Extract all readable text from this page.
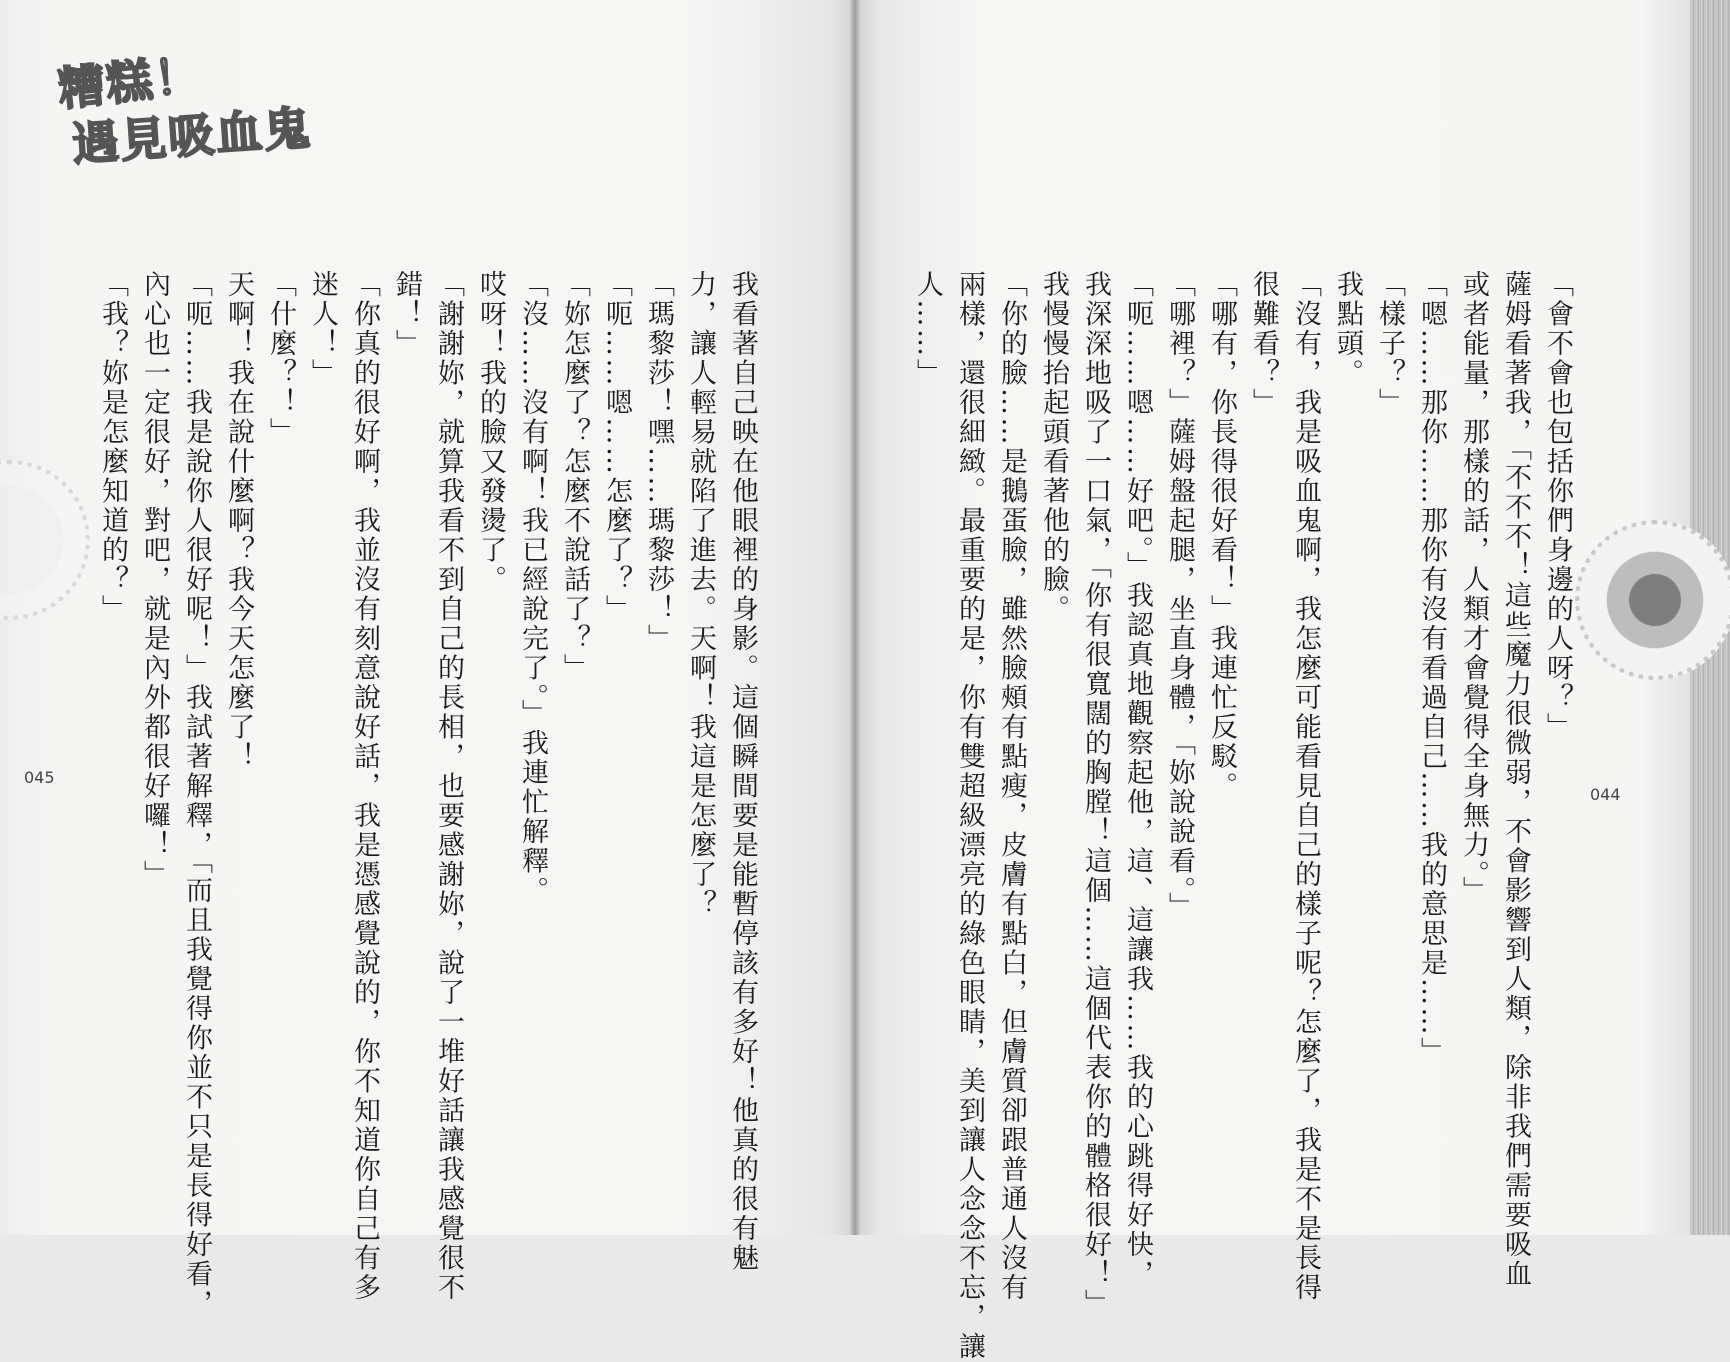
糟糕！
遇見吸血鬼
045
044
「會不會也包括你們身邊的人呀？」
薩姆看著我，「不不不！這些魔力很微弱，不會影響到人類，除非我們需要吸血
或者能量，那樣的話，人類才會覺得全身無力。」
「嗯……那你……那你有沒有看過自己……我的意思是……」
「樣子？」
我點頭。
「沒有，我是吸血鬼啊，我怎麼可能看見自己的樣子呢？怎麼了，我是不是長得
很難看？」
「哪有，你長得很好看！」我連忙反駁。
「哪裡？」薩姆盤起腿，坐直身體，「妳說說看。」
「呃……嗯……好吧。」我認真地觀察起他，這、這讓我……我的心跳得好快，
我深深地吸了一口氣，「你有很寬闊的胸膛！這個……這個代表你的體格很好！」
我慢慢抬起頭看著他的臉。
「你的臉……是鵝蛋臉，雖然臉頰有點瘦，皮膚有點白，但膚質卻跟普通人沒有
兩樣，還很細緻。最重要的是，你有雙超級漂亮的綠色眼睛，美到讓人念念不忘，讓
人……」
我看著自己映在他眼裡的身影。這個瞬間要是能暫停該有多好！他真的很有魅
力，讓人輕易就陷了進去。天啊！我這是怎麼了？
「瑪黎莎！嘿……瑪黎莎！」
「呃……嗯……怎麼了？」
「妳怎麼了？怎麼不說話了？」
「沒……沒有啊！我已經說完了。」我連忙解釋。
哎呀！我的臉又發燙了。
「謝謝妳，就算我看不到自己的長相，也要感謝妳，說了一堆好話讓我感覺很不
錯！」
「你真的很好啊，我並沒有刻意說好話，我是憑感覺說的，你不知道你自己有多
迷人！」
「什麼？！」
天啊！我在說什麼啊？我今天怎麼了！
「呃……我是說你人很好呢！」我試著解釋，「而且我覺得你並不只是長得好看，
內心也一定很好，對吧，就是內外都很好囉！」
「我？妳是怎麼知道的？」
